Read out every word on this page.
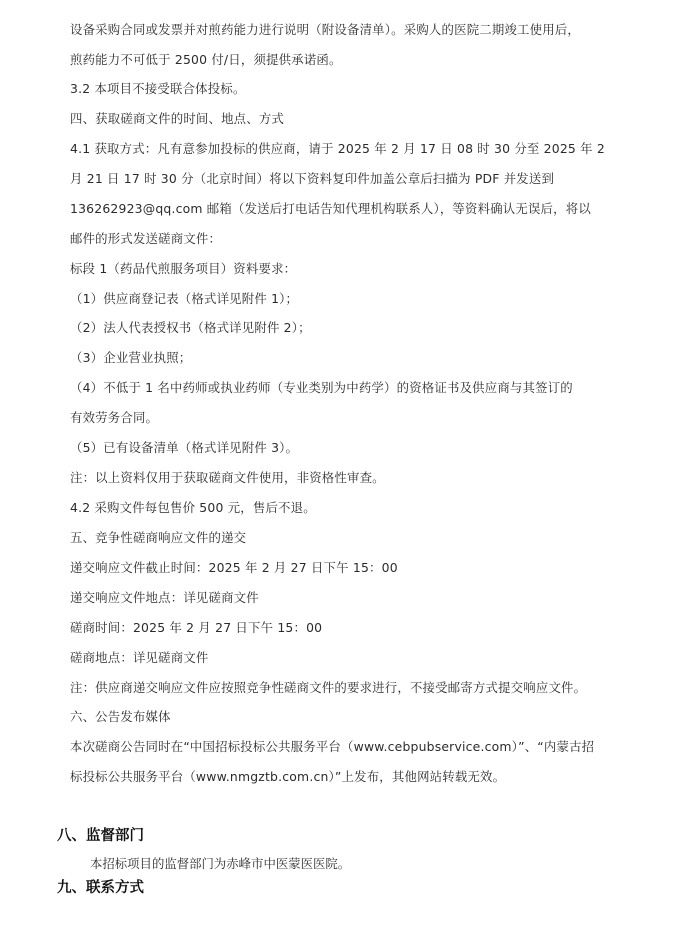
设备采购合同或发票并对煎药能力进行说明（附设备清单）。采购人的医院二期竣工使用后，
煎药能力不可低于 2500 付/日，须提供承诺函。
3.2 本项目不接受联合体投标。
四、获取磋商文件的时间、地点、方式
4.1 获取方式：凡有意参加投标的供应商，请于 2025 年 2 月 17 日 08 时 30 分至 2025 年 2
月 21 日 17 时 30 分（北京时间）将以下资料复印件加盖公章后扫描为 PDF 并发送到
136262923@qq.com 邮箱（发送后打电话告知代理机构联系人），等资料确认无误后，将以
邮件的形式发送磋商文件：
标段 1（药品代煎服务项目）资料要求：
（1）供应商登记表（格式详见附件 1）；
（2）法人代表授权书（格式详见附件 2）；
（3）企业营业执照；
（4）不低于 1 名中药师或执业药师（专业类别为中药学）的资格证书及供应商与其签订的
有效劳务合同。
（5）已有设备清单（格式详见附件 3）。
注：以上资料仅用于获取磋商文件使用，非资格性审查。
4.2 采购文件每包售价 500 元，售后不退。
五、竞争性磋商响应文件的递交
递交响应文件截止时间：2025 年 2 月 27 日下午 15：00
递交响应文件地点：详见磋商文件
磋商时间：2025 年 2 月 27 日下午 15：00
磋商地点：详见磋商文件
注：供应商递交响应文件应按照竞争性磋商文件的要求进行，不接受邮寄方式提交响应文件。
六、公告发布媒体
本次磋商公告同时在“中国招标投标公共服务平台（www.cebpubservice.com）”、“内蒙古招
标投标公共服务平台（www.nmgztb.com.cn）”上发布，其他网站转载无效。
八、监督部门
本招标项目的监督部门为赤峰市中医蒙医医院。
九、联系方式
